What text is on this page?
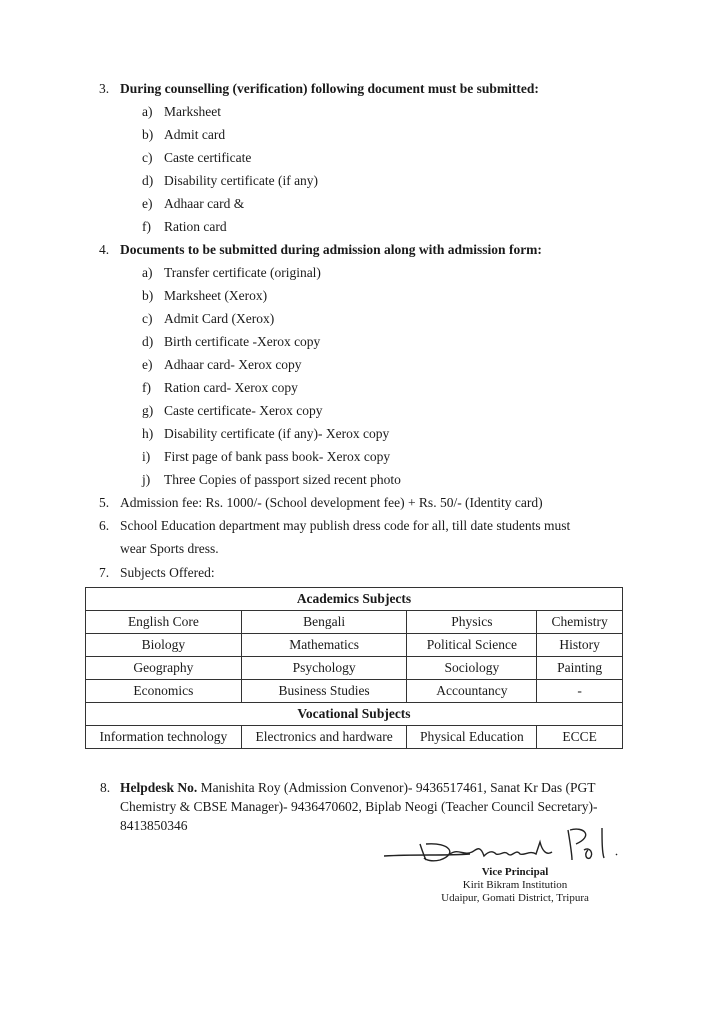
3. During counselling (verification) following document must be submitted:
a) Marksheet
b) Admit card
c) Caste certificate
d) Disability certificate (if any)
e) Adhaar card &
f) Ration card
4. Documents to be submitted during admission along with admission form:
a) Transfer certificate (original)
b) Marksheet (Xerox)
c) Admit Card (Xerox)
d) Birth certificate -Xerox copy
e) Adhaar card- Xerox copy
f) Ration card- Xerox copy
g) Caste certificate- Xerox copy
h) Disability certificate (if any)- Xerox copy
i) First page of bank pass book- Xerox copy
j) Three Copies of passport sized recent photo
5. Admission fee: Rs. 1000/- (School development fee) + Rs. 50/- (Identity card)
6. School Education department may publish dress code for all, till date students must
wear Sports dress.
7. Subjects Offered:
Academics Subjects			
English Core	Bengali	Physics	Chemistry
Biology	Mathematics	Political Science	History
Geography	Psychology	Sociology	Painting
Economics	Business Studies	Accountancy	-
Vocational Subjects			
Information technology	Electronics and hardware	Physical Education	ECCE
8. Helpdesk No. Manishita Roy (Admission Convenor)- 9436517461, Sanat Kr Das (PGT
Chemistry & CBSE Manager)- 9436470602, Biplab Neogi (Teacher Council Secretary)-
8413850346
Vice Principal
Kirit Bikram Institution
Udaipur, Gomati District, Tripura
